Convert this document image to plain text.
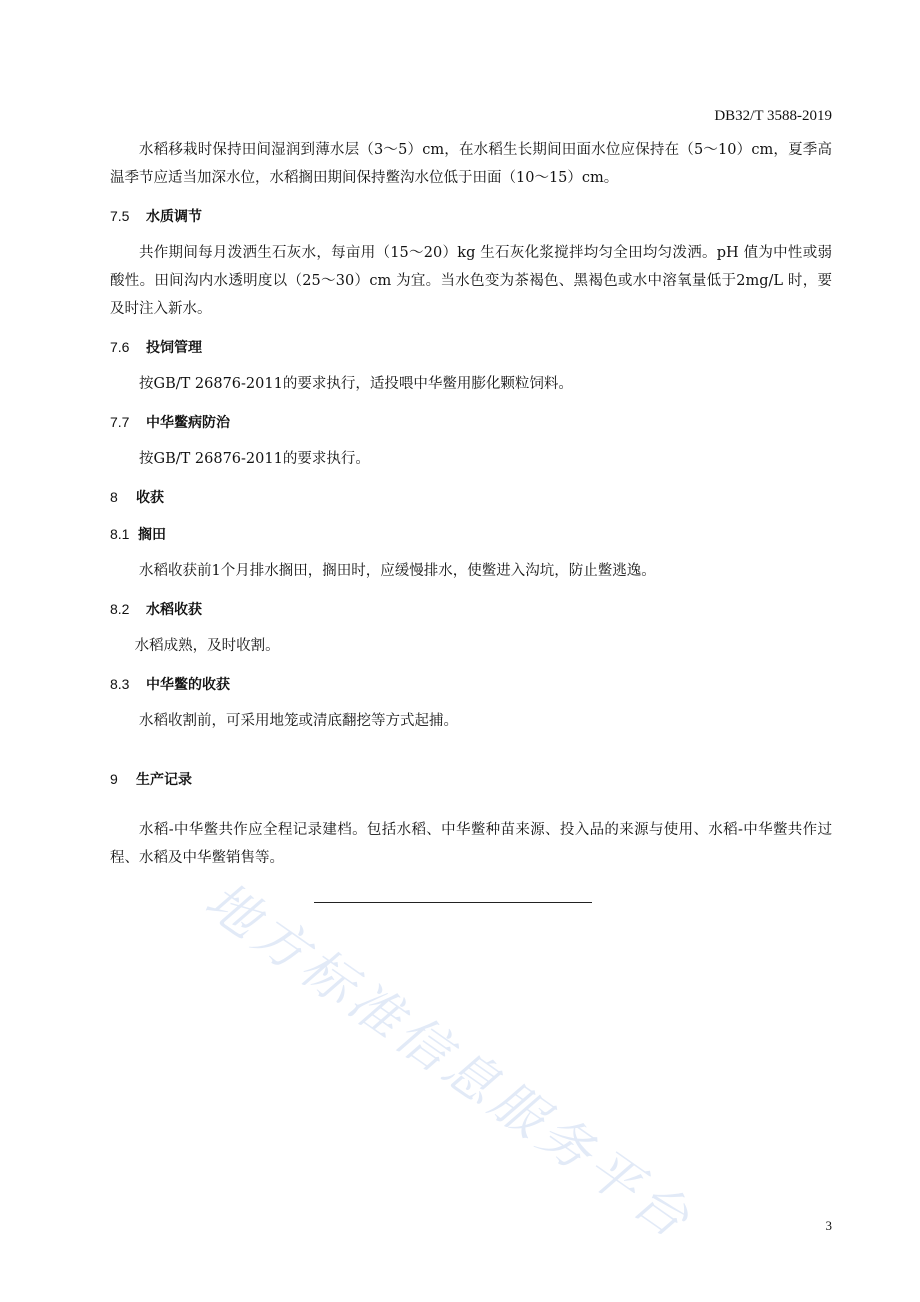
DB32/T 3588-2019

水稻移栽时保持田间湿润到薄水层（3～5）cm，在水稻生长期间田面水位应保持在（5～10）cm，夏季高温季节应适当加深水位，水稻搁田期间保持鳖沟水位低于田面（10～15）cm。

7.5	水质调节

共作期间每月泼洒生石灰水，每亩用（15～20）kg 生石灰化浆搅拌均匀全田均匀泼洒。pH 值为中性或弱酸性。田间沟内水透明度以（25～30）cm 为宜。当水色变为茶褐色、黑褐色或水中溶氧量低于2mg/L 时，要及时注入新水。

7.6	投饲管理

按GB/T 26876-2011的要求执行，适投喂中华鳖用膨化颗粒饲料。

7.7	中华鳖病防治

按GB/T 26876-2011的要求执行。

8	收获
8.1 搁田

水稻收获前1个月排水搁田，搁田时，应缓慢排水，使鳖进入沟坑，防止鳖逃逸。

8.2	水稻收获

水稻成熟，及时收割。

8.3	中华鳖的收获

水稻收割前，可采用地笼或清底翻挖等方式起捕。

9	生产记录

水稻-中华鳖共作应全程记录建档。包括水稻、中华鳖种苗来源、投入品的来源与使用、水稻-中华鳖共作过程、水稻及中华鳖销售等。

地方标准信息服务平台	3
